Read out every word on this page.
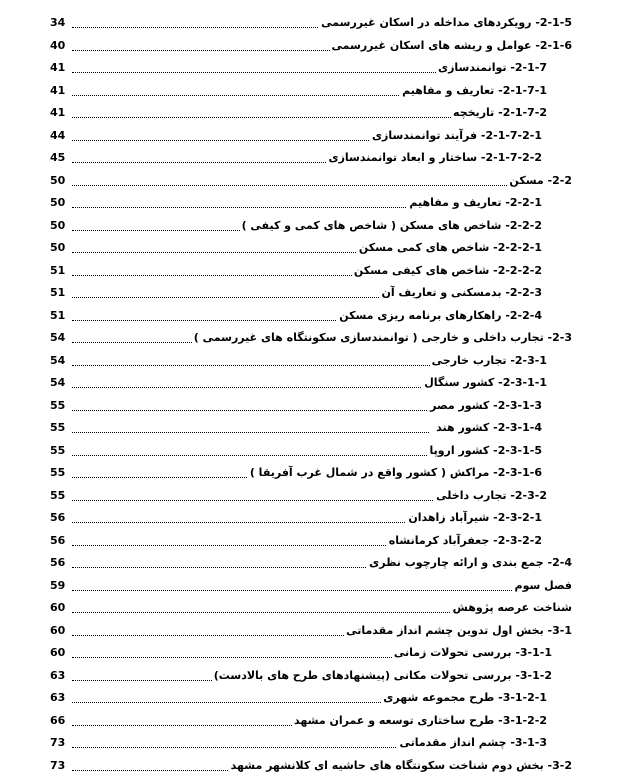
2-1-5- رویکردهای مداخله در اسکان غیررسمی
34
2-1-6- عوامل و ریشه های اسکان غیررسمی
40
2-1-7- توانمندسازی
41
2-1-7-1- تعاریف و مفاهیم
41
2-1-7-2- تاریخچه
41
2-1-7-2-1- فرآیند توانمندسازی
44
2-1-7-2-2- ساختار و ابعاد توانمندسازی
45
2-2- مسکن
50
2-2-1- تعاریف و مفاهیم
50
2-2-2- شاخص های مسکن ( شاخص های کمی و کیفی )
50
2-2-2-1- شاخص های کمی مسکن
50
2-2-2-2- شاخص های کیفی مسکن
51
2-2-3- بدمسکنی و تعاریف آن
51
2-2-4- راهکارهای برنامه ریزی مسکن
51
2-3- تجارب داخلی و خارجی ( توانمندسازی سکونتگاه های غیررسمی )
54
2-3-1- تجارب خارجی
54
2-3-1-1- کشور سنگال
54
2-3-1-3- کشور مصر
55
2-3-1-4- کشور هند
55
2-3-1-5- کشور اروپا
55
2-3-1-6- مراکش ( کشور واقع در شمال غرب آفریقا )
55
2-3-2- تجارب داخلی
55
2-3-2-1- شیرآباد زاهدان
56
2-3-2-2- جعفرآباد کرمانشاه
56
2-4- جمع بندی و ارائه چارچوب نظری
56
فصل سوم
59
شناخت عرصه پژوهش
60
3-1- بخش اول تدوین چشم انداز مقدماتی
60
3-1-1- بررسی تحولات زمانی
60
3-1-2- بررسی تحولات مکانی (پیشنهادهای طرح های بالادست)
63
3-1-2-1- طرح مجموعه شهری
63
3-1-2-2- طرح ساختاری توسعه و عمران مشهد
66
3-1-3- چشم انداز مقدماتی
73
3-2- بخش دوم شناخت سکونتگاه های حاشیه ای کلانشهر مشهد
73
